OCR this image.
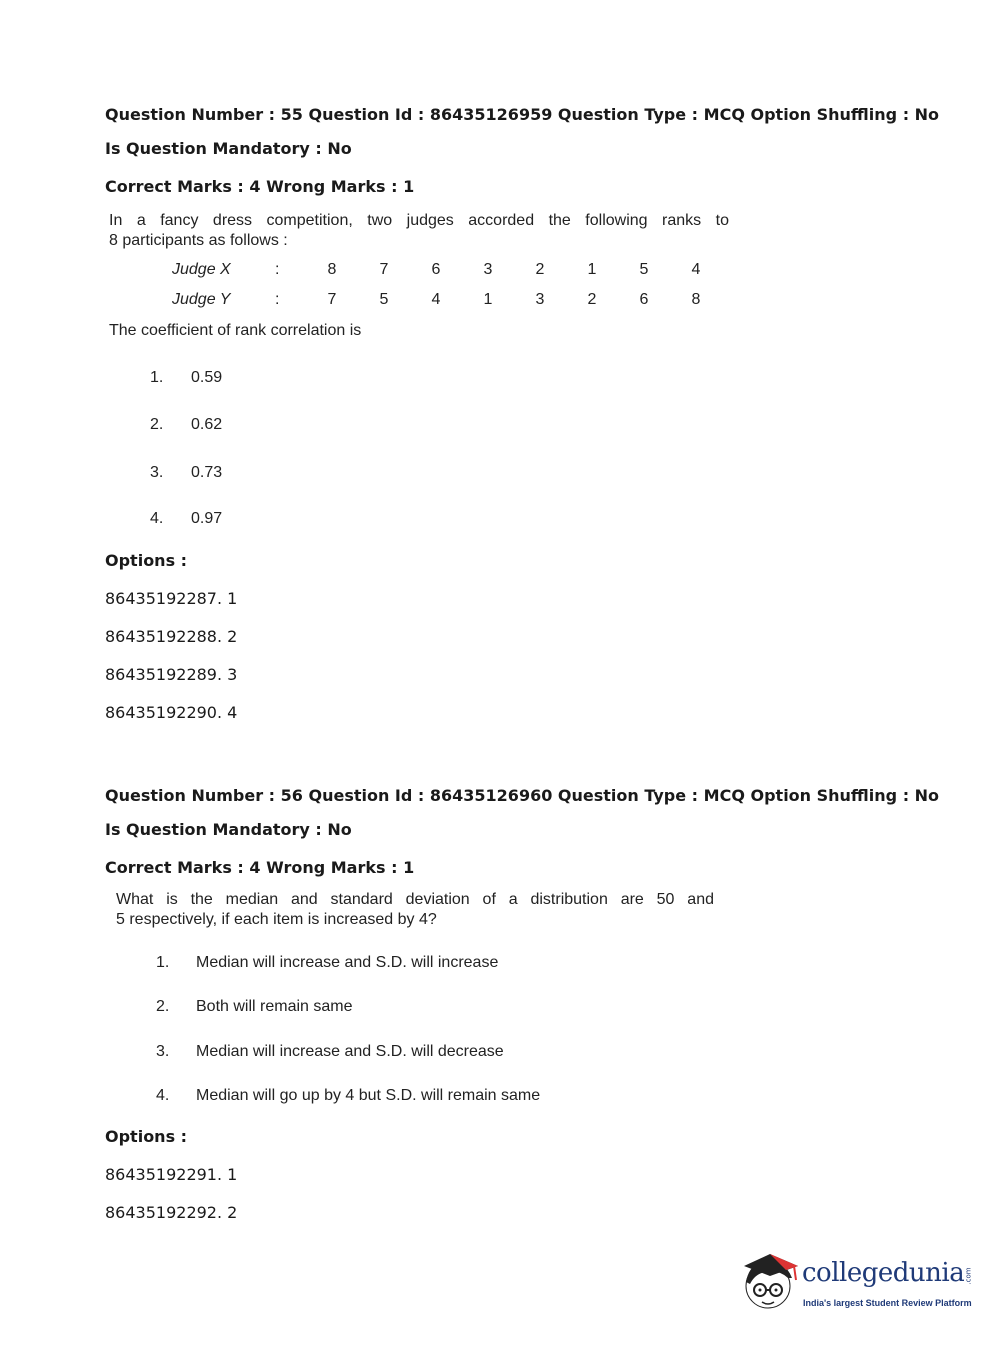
Question Number : 55 Question Id : 86435126959 Question Type : MCQ Option Shuffling : No
Is Question Mandatory : No
Correct Marks : 4 Wrong Marks : 1
In a fancy dress competition, two judges accorded the following ranks to
8 participants as follows :
Judge X	:	8	7	6	3	2	1	5	4
Judge Y	:	7	5	4	1	3	2	6	8
The coefficient of rank correlation is
1. 0.59
2. 0.62
3. 0.73
4. 0.97
Options :
86435192287. 1
86435192288. 2
86435192289. 3
86435192290. 4
Question Number : 56 Question Id : 86435126960 Question Type : MCQ Option Shuffling : No
Is Question Mandatory : No
Correct Marks : 4 Wrong Marks : 1
What is the median and standard deviation of a distribution are 50 and
5 respectively, if each item is increased by 4?
1. Median will increase and S.D. will increase
2. Both will remain same
3. Median will increase and S.D. will decrease
4. Median will go up by 4 but S.D. will remain same
Options :
86435192291. 1
86435192292. 2
collegedunia .com
India's largest Student Review Platform
